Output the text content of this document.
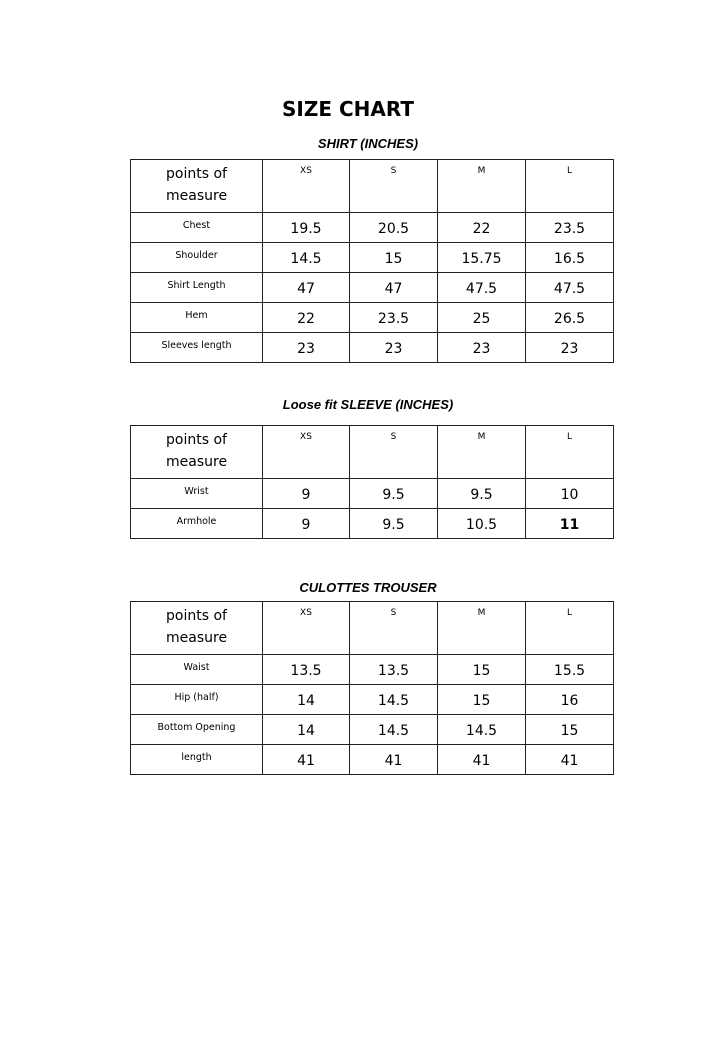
SIZE CHART
SHIRT (INCHES)
points of
measure	XS	S	M	L

Chest	19.5	20.5	22	23.5

Shoulder	14.5	15	15.75	16.5

Shirt Length	47	47	47.5	47.5

Hem	22	23.5	25	26.5

Sleeves length	23	23	23	23
Loose fit SLEEVE (INCHES)
points of
measure	XS	S	M	L

Wrist	9	9.5	9.5	10

Armhole	9	9.5	10.5	11
CULOTTES TROUSER
points of
measure	XS	S	M	L

Waist	13.5	13.5	15	15.5

Hip (half)	14	14.5	15	16

Bottom Opening	14	14.5	14.5	15

length	41	41	41	41
